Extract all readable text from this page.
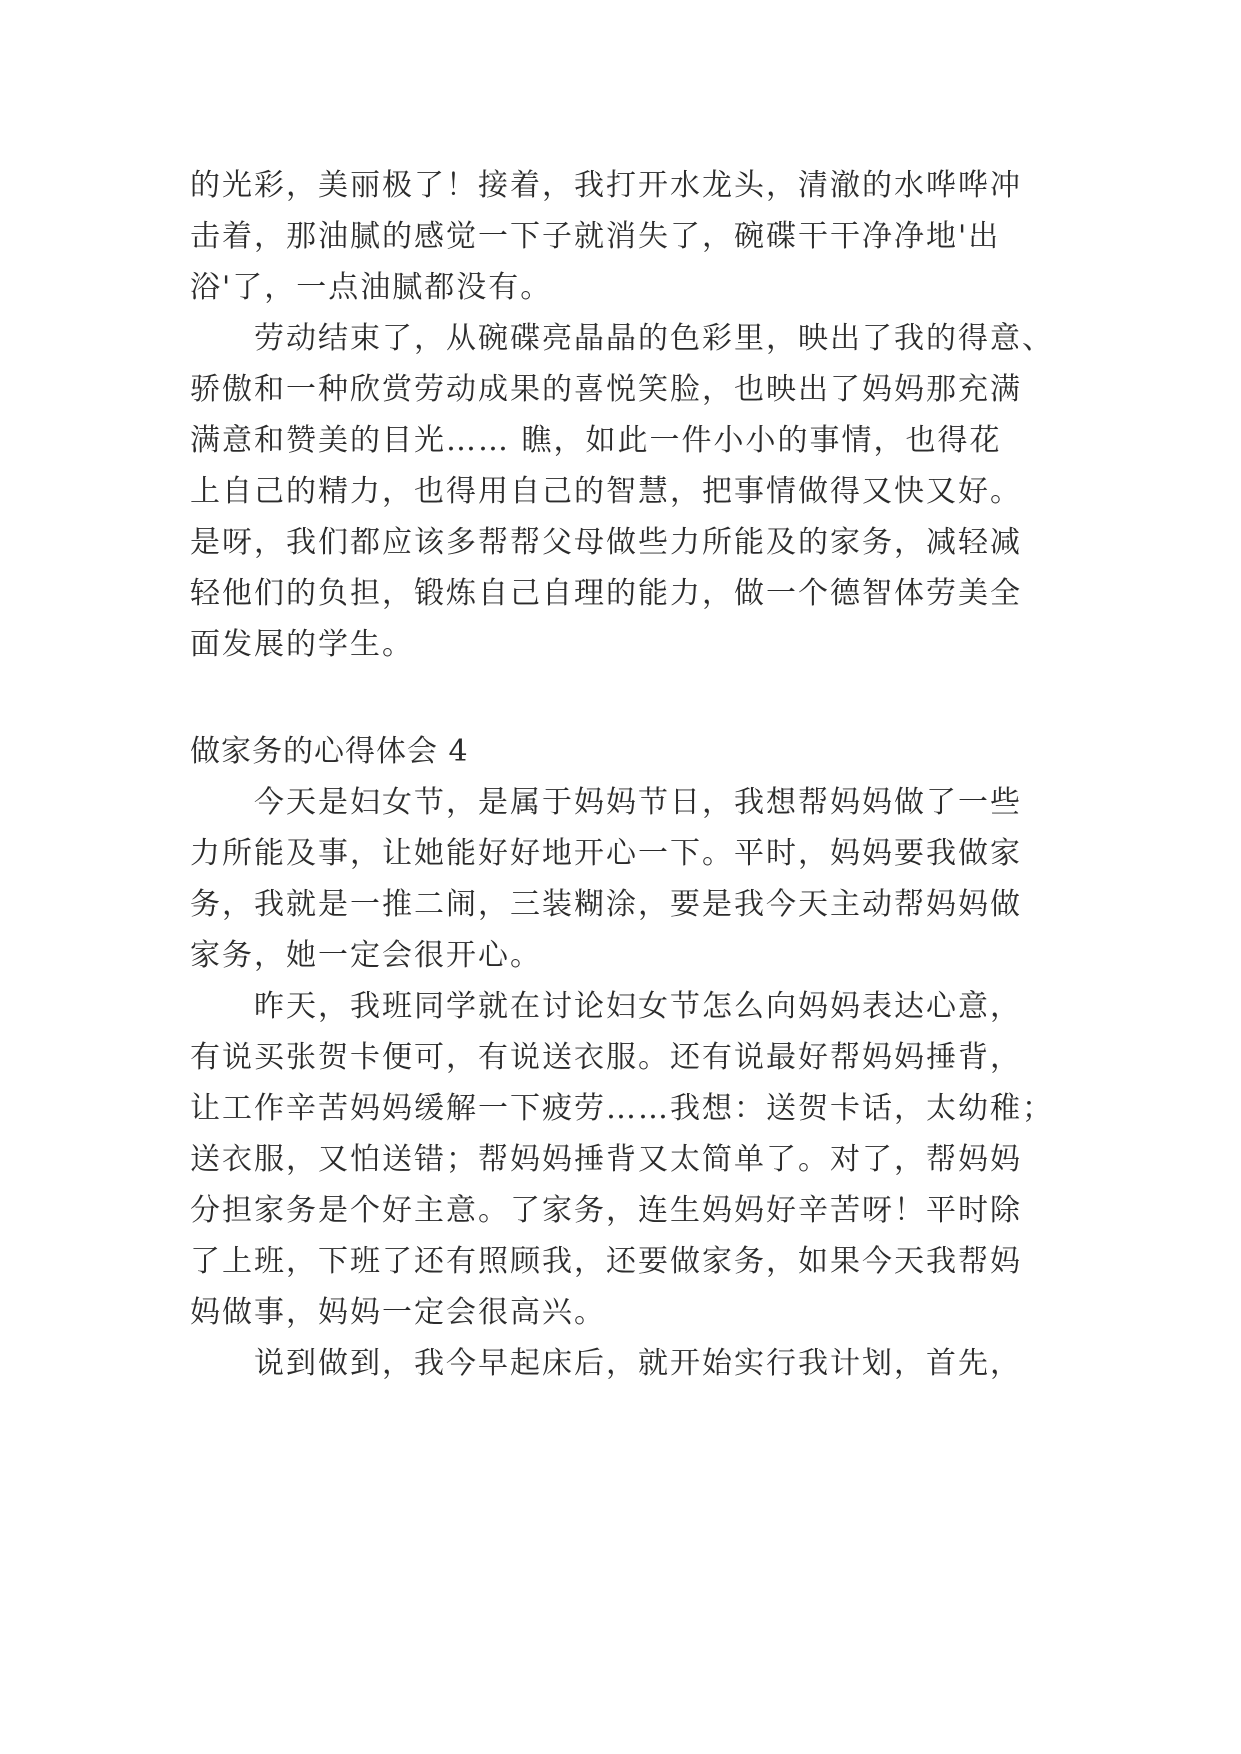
的光彩，美丽极了！接着，我打开水龙头，清澈的水哗哗冲
击着，那油腻的感觉一下子就消失了，碗碟干干净净地'出
浴'了，一点油腻都没有。
劳动结束了，从碗碟亮晶晶的色彩里，映出了我的得意、
骄傲和一种欣赏劳动成果的喜悦笑脸，也映出了妈妈那充满
满意和赞美的目光…… 瞧，如此一件小小的事情，也得花
上自己的精力，也得用自己的智慧，把事情做得又快又好。
是呀，我们都应该多帮帮父母做些力所能及的家务，减轻减
轻他们的负担，锻炼自己自理的能力，做一个德智体劳美全
面发展的学生。
做家务的心得体会 4
今天是妇女节，是属于妈妈节日，我想帮妈妈做了一些
力所能及事，让她能好好地开心一下。平时，妈妈要我做家
务，我就是一推二闹，三装糊涂，要是我今天主动帮妈妈做
家务，她一定会很开心。
昨天，我班同学就在讨论妇女节怎么向妈妈表达心意，
有说买张贺卡便可，有说送衣服。还有说最好帮妈妈捶背，
让工作辛苦妈妈缓解一下疲劳……我想：送贺卡话，太幼稚；
送衣服，又怕送错；帮妈妈捶背又太简单了。对了，帮妈妈
分担家务是个好主意。了家务，连生妈妈好辛苦呀！平时除
了上班，下班了还有照顾我，还要做家务，如果今天我帮妈
妈做事，妈妈一定会很高兴。
说到做到，我今早起床后，就开始实行我计划，首先，
